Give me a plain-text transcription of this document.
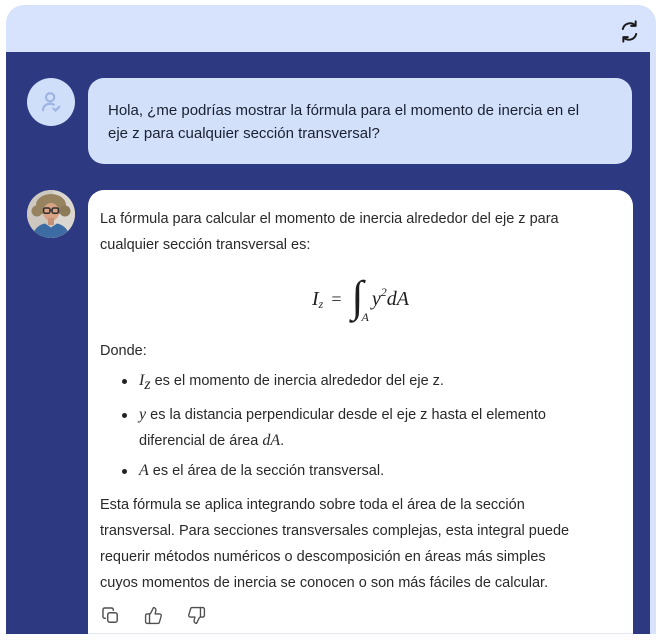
Hola, ¿me podrías mostrar la fórmula para el momento de inercia en el
eje z para cualquier sección transversal?
La fórmula para calcular el momento de inercia alrededor del eje z para
cualquier sección transversal es:
I z = ∫
A
y 2 dA
Donde:
$I_z$ es el momento de inercia alrededor del eje z.
y es la distancia perpendicular desde el eje z hasta el elemento
diferencial de área dA.
A es el área de la sección transversal.
Esta fórmula se aplica integrando sobre toda el área de la sección
transversal. Para secciones transversales complejas, esta integral puede
requerir métodos numéricos o descomposición en áreas más simples
cuyos momentos de inercia se conocen o son más fáciles de calcular.
